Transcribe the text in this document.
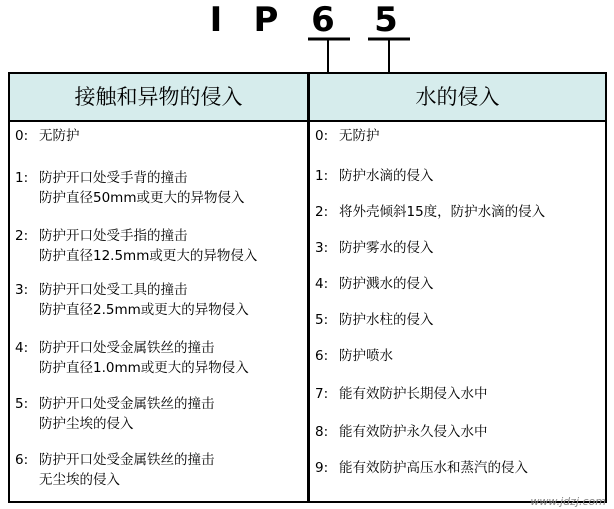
I P 6 5
接触和异物的侵入	水的侵入
0: 无防护
1: 防护开口处受手背的撞击
防护直径50mm或更大的异物侵入
2: 防护开口处受手指的撞击
防护直径12.5mm或更大的异物侵入
3: 防护开口处受工具的撞击
防护直径2.5mm或更大的异物侵入
4: 防护开口处受金属铁丝的撞击
防护直径1.0mm或更大的异物侵入
5: 防护开口处受金属铁丝的撞击
防护尘埃的侵入
6: 防护开口处受金属铁丝的撞击
无尘埃的侵入
0: 无防护
1: 防护水滴的侵入
2: 将外壳倾斜15度，防护水滴的侵入
3: 防护雾水的侵入
4: 防护溅水的侵入
5: 防护水柱的侵入
6: 防护喷水
7: 能有效防护长期侵入水中
8: 能有效防护永久侵入水中
9: 能有效防护高压水和蒸汽的侵入
www.jdzj.com
